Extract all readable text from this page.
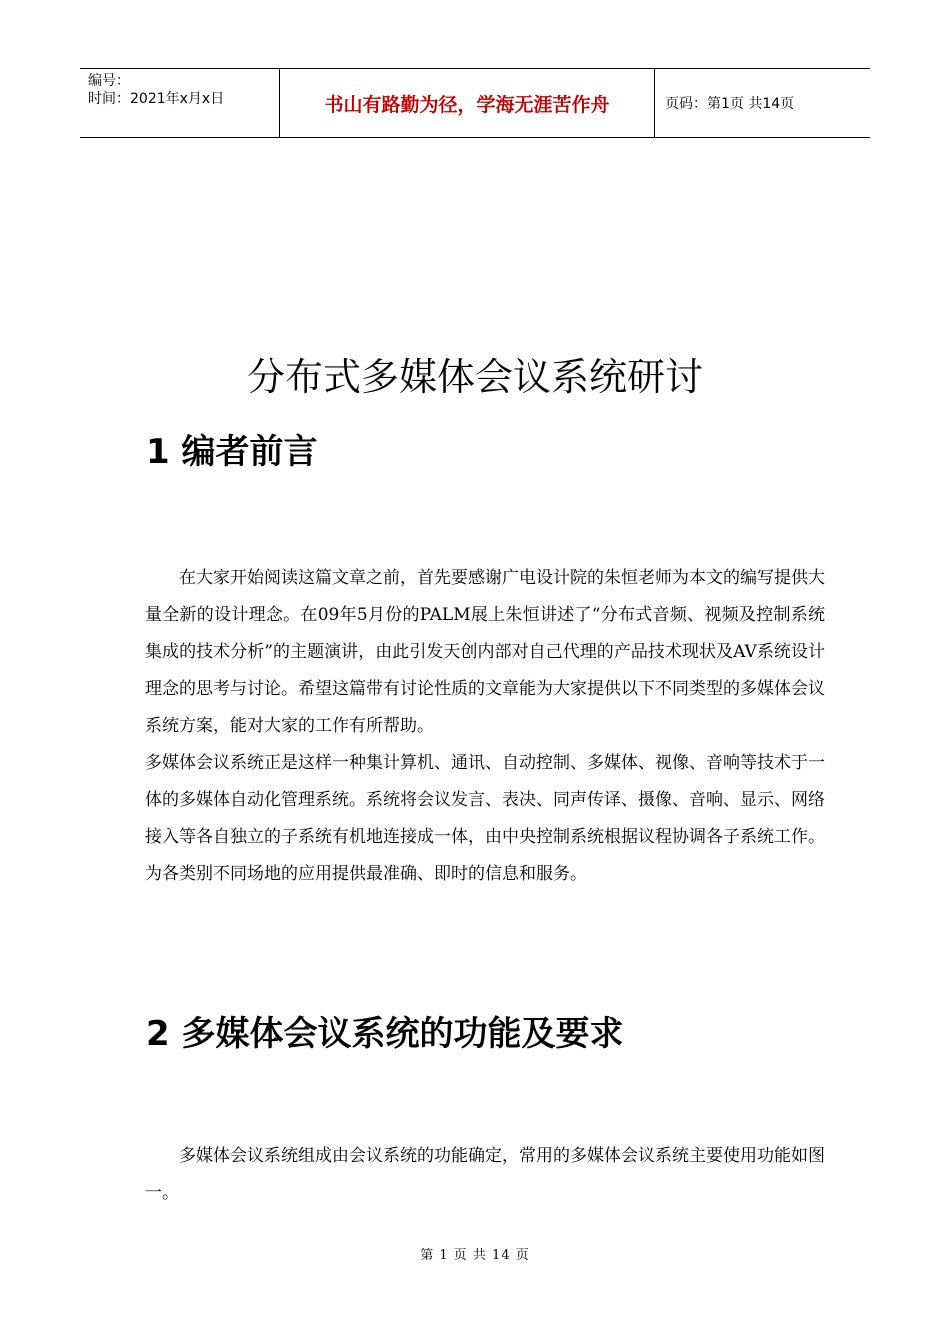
编号：
时间：2021年x月x日	书山有路勤为径，学海无涯苦作舟	页码：第1页 共14页
分布式多媒体会议系统研讨
1 编者前言

在大家开始阅读这篇文章之前，首先要感谢广电设计院的朱恒老师为本文的编写提供大量全新的设计理念。在09年5月份的PALM展上朱恒讲述了“分布式音频、视频及控制系统集成的技术分析”的主题演讲，由此引发天创内部对自己代理的产品技术现状及AV系统设计理念的思考与讨论。希望这篇带有讨论性质的文章能为大家提供以下不同类型的多媒体会议系统方案，能对大家的工作有所帮助。

多媒体会议系统正是这样一种集计算机、通讯、自动控制、多媒体、视像、音响等技术于一体的多媒体自动化管理系统。系统将会议发言、表决、同声传译、摄像、音响、显示、网络接入等各自独立的子系统有机地连接成一体，由中央控制系统根据议程协调各子系统工作。为各类别不同场地的应用提供最准确、即时的信息和服务。

2 多媒体会议系统的功能及要求

多媒体会议系统组成由会议系统的功能确定，常用的多媒体会议系统主要使用功能如图一。

第 1 页 共 14 页
